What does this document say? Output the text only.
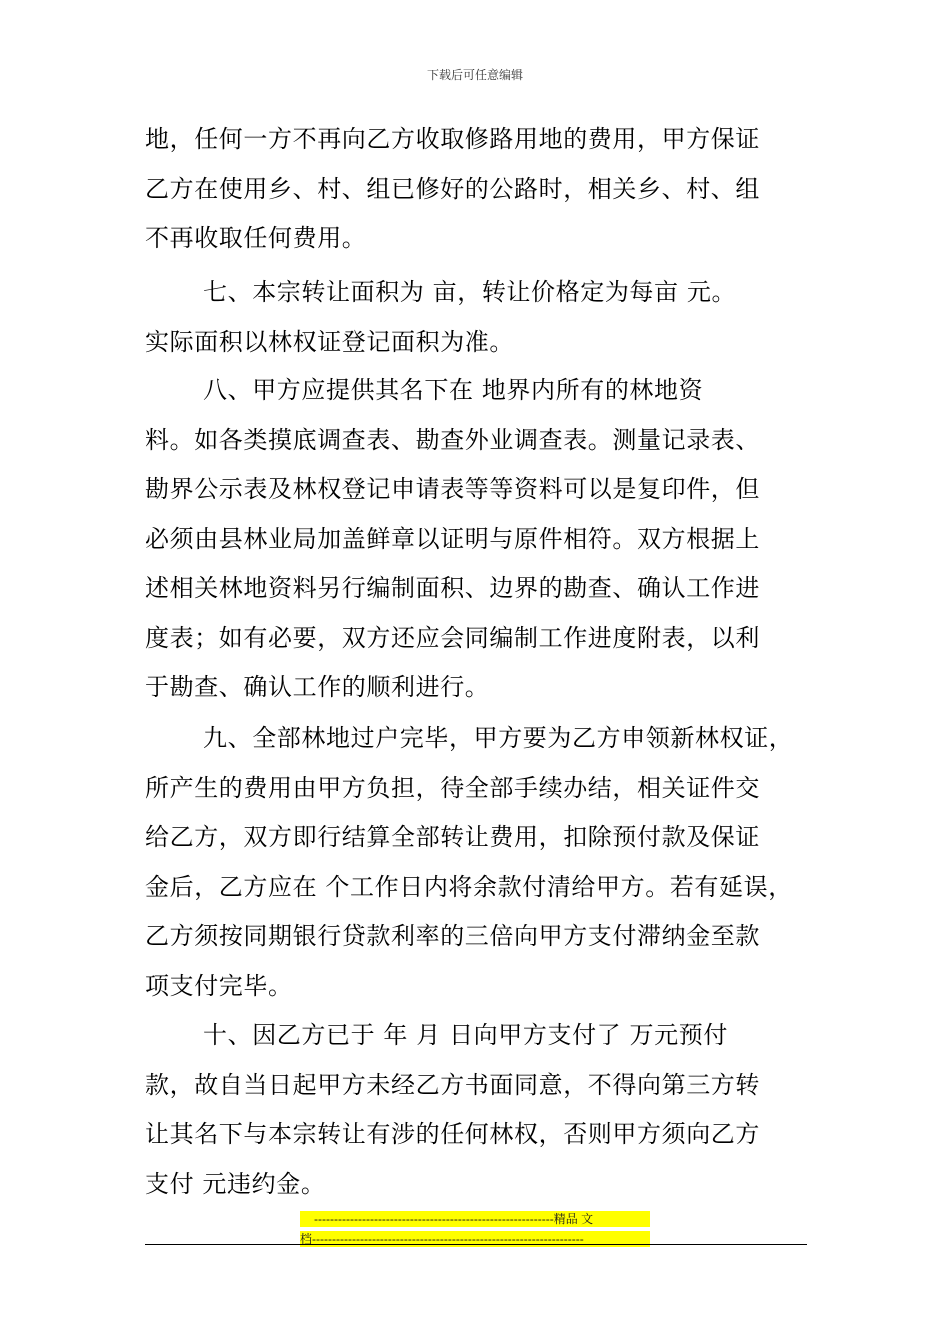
下载后可任意编辑
地，任何一方不再向乙方收取修路用地的费用，甲方保证
乙方在使用乡、村、组已修好的公路时，相关乡、村、组
不再收取任何费用。
七、本宗转让面积为 亩，转让价格定为每亩 元。
实际面积以林权证登记面积为准。
八、甲方应提供其名下在 地界内所有的林地资
料。如各类摸底调查表、勘查外业调查表。测量记录表、
勘界公示表及林权登记申请表等等资料可以是复印件，但
必须由县林业局加盖鲜章以证明与原件相符。双方根据上
述相关林地资料另行编制面积、边界的勘查、确认工作进
度表；如有必要，双方还应会同编制工作进度附表，以利
于勘查、确认工作的顺利进行。
九、全部林地过户完毕，甲方要为乙方申领新林权证，
所产生的费用由甲方负担，待全部手续办结，相关证件交
给乙方，双方即行结算全部转让费用，扣除预付款及保证
金后，乙方应在 个工作日内将余款付清给甲方。若有延误，
乙方须按同期银行贷款利率的三倍向甲方支付滞纳金至款
项支付完毕。
十、因乙方已于 年 月 日向甲方支付了 万元预付
款，故自当日起甲方未经乙方书面同意，不得向第三方转
让其名下与本宗转让有涉的任何林权，否则甲方须向乙方
支付 元违约金。
------------------------------------------------------------精品 文
档--------------------------------------------------------------------
